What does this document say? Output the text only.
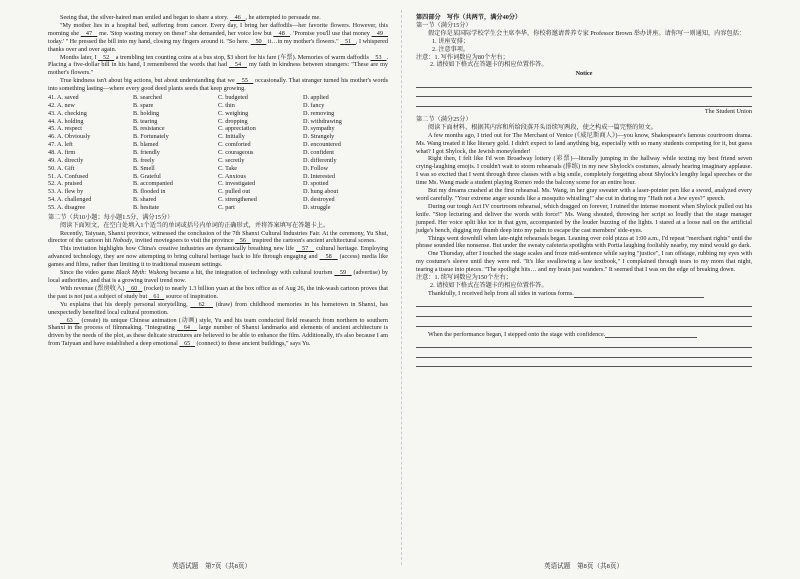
Seeing that, the silver-haired man smiled and began to share a story.    46 , he attempted to persuade me.

"My mother lies in a hospital bed, suffering from cancer. Every day, I bring her daffodils—her favorite flowers. However, this morning she    47    me. 'Stop wasting money on these!' she demanded, her voice low but    48 . 'Promise you'll use that money    49    today.' " He pressed the bill into my hand, closing my fingers around it. "So here.    50    it…in my mother's flowers."    51 , I whispered thanks over and over again.

Months later, I    52    a trembling ten counting coins at a bus stop, $3 short for his fare (车票). Memories of warm daffodils    53 . Placing a five-dollar bill in his hand, I remembered the words that had    54    my faith in kindness between strangers: "These are my mother's flowers."

True kindness isn't about big actions, but about understanding that we    55    occasionally. That stranger turned his mother's words into something lasting—where every good deed plants seeds that keep growing.

41. A. saved	B. searched	C. budgeted	D. applied
42. A. new	B. spare	C. thin	D. fancy
43. A. checking	B. holding	C. weighing	D. removing
44. A. holding	B. tearing	C. dropping	D. withdrawing
45. A. respect	B. resistance	C. appreciation	D. sympathy
46. A. Obviously	B. Fortunately	C. Initially	D. Strangely
47. A. left	B. blamed	C. comforted	D. encountered
48. A. firm	B. friendly	C. courageous	D. confident
49. A. directly	B. freely	C. secretly	D. differently
50. A. Gift	B. Smell	C. Take	D. Follow
51. A. Confused	B. Grateful	C. Anxious	D. Interested
52. A. praised	B. accompanied	C. investigated	D. spotted
53. A. flew by	B. flooded in	C. pulled out	D. hung about
54. A. challenged	B. shared	C. strengthened	D. destroyed
55. A. disagree	B. hesitate	C. part	D. struggle

第二节（共10小题；每小题1.5分，满分15分）

阅读下面短文，在空白处填入1个适当的单词或括号内单词的正确形式，并将答案填写在答题卡上。

Recently, Taiyuan, Shanxi province, witnessed the conclusion of the 7th Shanxi Cultural Industries Fair. At the ceremony, Yu Shui, director of the cartoon hit Nobody, invited moviegoers to visit the province    56    inspired the cartoon's ancient architectural scenes.

This invitation highlights how China's creative industries are dynamically breathing new life    57    cultural heritage. Employing advanced technology, they are now attempting to bring cultural heritage back to life through engaging and    58    (access) media like games and films, rather than limiting it to traditional museum settings.

Since the video game Black Myth: Wukong became a hit, the integration of technology with cultural tourism    59    (advertise) by local authorities, and that is a growing travel trend now.

With revenue (票房收入)    60    (rocket) to nearly 1.3 billion yuan at the box office as of Aug 26, the ink-wash cartoon proves that the past is not just a subject of study but    61    source of inspiration.

Yu explains that his deeply personal storytelling,    62    (draw) from childhood memories in his hometown in Shanxi, has unexpectedly benefited local cultural promotion.

63    (create) its unique Chinese animation (动画) style, Yu and his team conducted field research from northern to southern Shanxi in the process of filmmaking. "Integrating    64    large number of Shanxi landmarks and elements of ancient architecture is driven by the needs of the plot, as these delicate structures are believed to be able to enhance the film. Additionally, it's also because I am from Taiyuan and have established a deep emotional    65    (connect) to these ancient buildings," says Yu.

英语试题　第7页（共8页）

第四部分　写作（共两节，满分40分）

第一节（满分15分）

假定你是某国际学校学生会主席李华，你校将邀请普养专家 Professor Brown 举办讲座。请你写一则通知，内容包括：

1. 讲座安排；

2. 注意事项。

注意：1. 写作词数应为80个左右；

2. 请按如下格式在答题卡的相应位置作答。

Notice

The Student Union

第二节（满分25分）

阅读下面材料，根据其内容和所给段落开头语续写两段，使之构成一篇完整的短文。

A few months ago, I tried out for The Merchant of Venice (《威尼斯商人》)—you know, Shakespeare's famous courtroom drama. Ms. Wang treated it like literary gold. I didn't expect to land anything big, especially with so many students competing for it, but guess what? I got Shylock, the Jewish moneylender!

Right then, I felt like I'd won Broadway lottery (彩票)—literally jumping in the hallway while texting my best friend seven crying-laughing emojis. I couldn't wait to storm rehearsals (排练) in my new Shylock's costumes, already hearing imaginary applause. I was so excited that I went through three classes with a big smile, completely forgetting about Shylock's lengthy legal speeches or the time Ms. Wang made a student playing Romeo redo the balcony scene for an entire hour.

But my dreams crashed at the first rehearsal. Ms. Wang, in her gray sweater with a laser-pointer pen like a sword, analyzed every word carefully. "Your extreme anger sounds like a mosquito whistling!" she cut in during my "Hath not a Jew eyes?" speech.

During our tough Act IV courtroom rehearsal, which dragged on forever, I ruined the intense moment when Shylock pulled out his knife. "Stop lecturing and deliver the words with force!" Ms. Wang shouted, throwing her script so loudly that the stage manager jumped. Her voice split like ice in that gym, accompanied by the louder buzzing of the lights. I stared at a loose nail on the artificial judge's bench, digging my thumb deep into my palm to escape the cast members' side-eyes.

Things went downhill when late-night rehearsals began. Leaning over cold pizza at 1:00 a.m., I'd repeat "merchant rights" until the phrase sounded like nonsense. But under the sweaty cafeteria spotlights with Portia laughing foolishly nearby, my mind would go dark.

One Thursday, after I touched the stage scales and froze mid-sentence while saying "justice", I ran offstage, rubbing my eyes with my costume's sleeve until they were red. "It's like swallowing a law textbook," I complained through tears to my mom that night, tearing a tissue into pieces. "The spotlight hits… and my brain just wanders." It seemed that I was on the edge of breaking down.

注意：1. 续写词数应为150个左右；

2. 请按如下格式在答题卡的相应位置作答。

Thankfully, I received help from all sides in various forms.

When the performance began, I stepped onto the stage with confidence.

英语试题　第8页（共8页）
